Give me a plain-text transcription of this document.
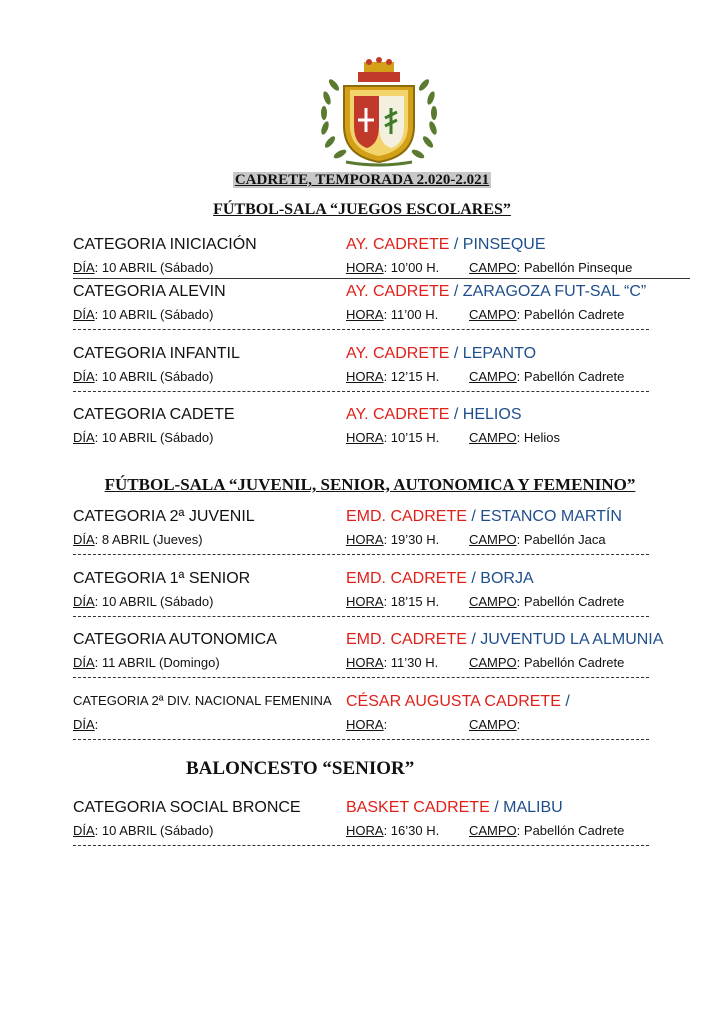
CADRETE, TEMPORADA 2.020-2.021
FÚTBOL-SALA “JUEGOS ESCOLARES”
CATEGORIA INICIACIÓN	AY. CADRETE / PINSEQUE
DÍA: 10 ABRIL (Sábado)	HORA: 10’00 H. CAMPO: Pabellón Pinseque
CATEGORIA ALEVIN	AY. CADRETE / ZARAGOZA FUT-SAL “C”
DÍA: 10 ABRIL (Sábado)	HORA: 11’00 H. CAMPO: Pabellón Cadrete
CATEGORIA INFANTIL	AY. CADRETE / LEPANTO
DÍA: 10 ABRIL (Sábado)	HORA: 12’15 H. CAMPO: Pabellón Cadrete
CATEGORIA CADETE	AY. CADRETE / HELIOS
DÍA: 10 ABRIL (Sábado)	HORA: 10’15 H. CAMPO: Helios
FÚTBOL-SALA “JUVENIL, SENIOR, AUTONOMICA Y FEMENINO”
CATEGORIA 2ª JUVENIL	EMD. CADRETE / ESTANCO MARTÍN
DÍA: 8 ABRIL (Jueves)	HORA: 19’30 H. CAMPO: Pabellón Jaca
CATEGORIA 1ª SENIOR	EMD. CADRETE / BORJA
DÍA: 10 ABRIL (Sábado)	HORA: 18’15 H. CAMPO: Pabellón Cadrete
CATEGORIA AUTONOMICA	EMD. CADRETE / JUVENTUD LA ALMUNIA
DÍA: 11 ABRIL (Domingo)	HORA: 11’30 H. CAMPO: Pabellón Cadrete
CATEGORIA 2ª DIV. NACIONAL FEMENINA CÉSAR AUGUSTA CADRETE /
DÍA:	HORA:	CAMPO:
BALONCESTO “SENIOR”
CATEGORIA SOCIAL BRONCE	BASKET CADRETE / MALIBU
DÍA: 10 ABRIL (Sábado)	HORA: 16’30 H. CAMPO: Pabellón Cadrete
